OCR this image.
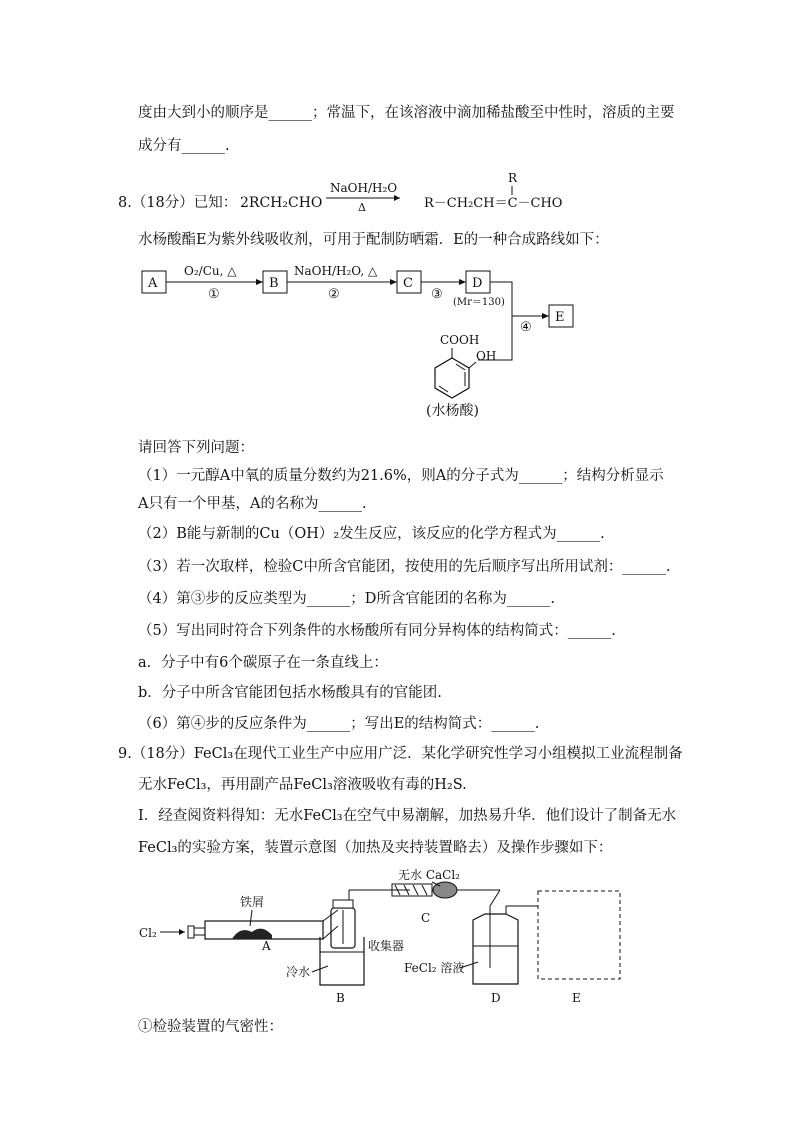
度由大到小的顺序是______；常温下，在该溶液中滴加稀盐酸至中性时，溶质的主要
成分有______.
8.（18分）已知： 2RCH₂CHO
NaOH/H₂O
Δ
R
R－CH₂CH＝C－CHO
水杨酸酯E为紫外线吸收剂，可用于配制防晒霜．E的一种合成路线如下：
A
O₂/Cu, △
①
B
NaOH/H₂O, △
②
C
③
D
(Mr＝130)
④
E
COOH
OH
(水杨酸)
请回答下列问题：
（1）一元醇A中氧的质量分数约为21.6%，则A的分子式为______；结构分析显示
A只有一个甲基，A的名称为______.
（2）B能与新制的Cu（OH）₂发生反应，该反应的化学方程式为______.
（3）若一次取样，检验C中所含官能团，按使用的先后顺序写出所用试剂：______.
（4）第③步的反应类型为______；D所含官能团的名称为______.
（5）写出同时符合下列条件的水杨酸所有同分异构体的结构简式：______.
a．分子中有6个碳原子在一条直线上：
b．分子中所含官能团包括水杨酸具有的官能团.
（6）第④步的反应条件为______；写出E的结构简式：______.
9.（18分）FeCl₃在现代工业生产中应用广泛．某化学研究性学习小组模拟工业流程制备
无水FeCl₃，再用副产品FeCl₃溶液吸收有毒的H₂S.
Ⅰ．经查阅资料得知：无水FeCl₃在空气中易潮解，加热易升华．他们设计了制备无水
FeCl₃的实验方案，装置示意图（加热及夹持装置略去）及操作步骤如下：
Cl₂
铁屑
A	收集器
冷水
B
无水 CaCl₂
C
FeCl₂ 溶液
D	E
①检验装置的气密性：
